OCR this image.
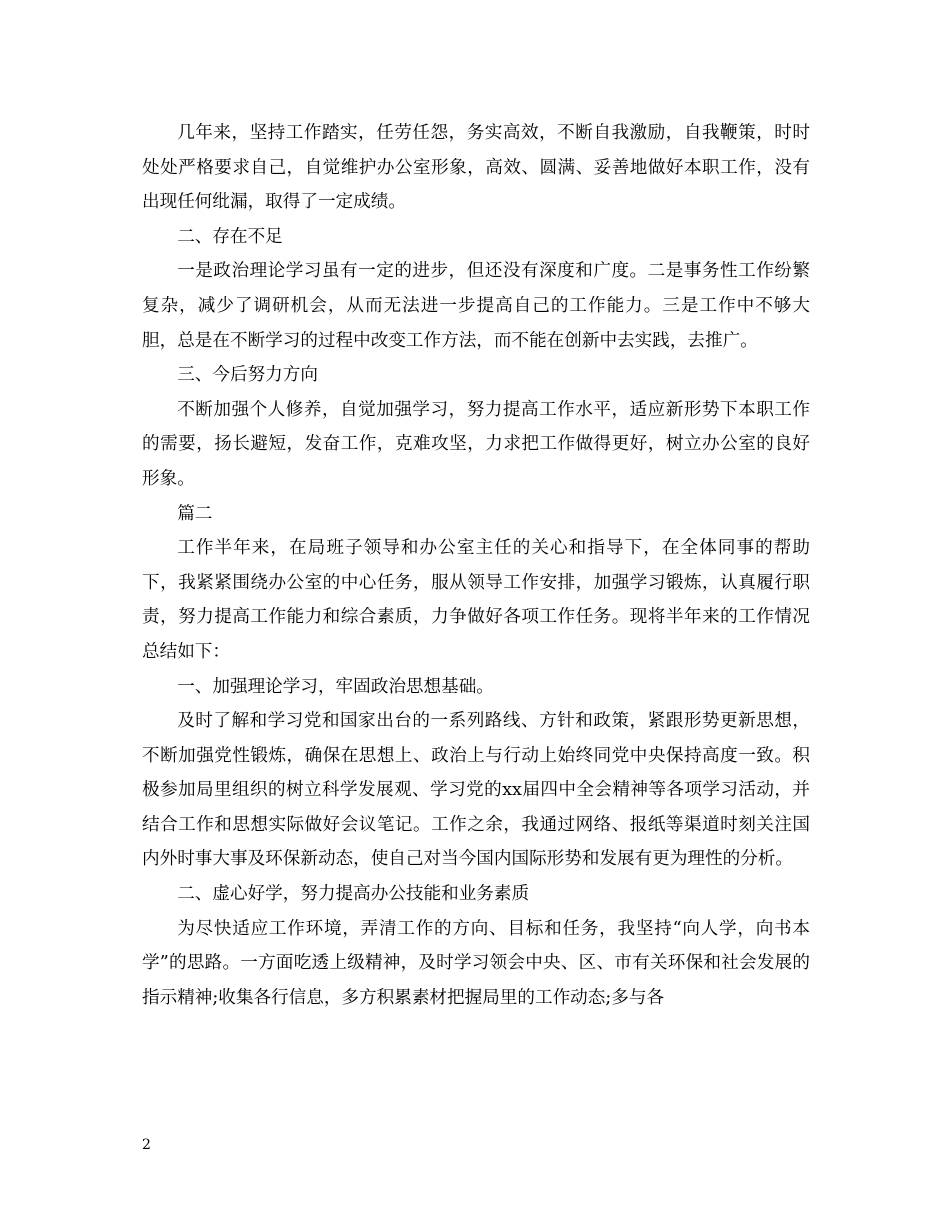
几年来，坚持工作踏实，任劳任怨，务实高效，不断自我激励，自我鞭策，时时处处严格要求自己，自觉维护办公室形象，高效、圆满、妥善地做好本职工作，没有出现任何纰漏，取得了一定成绩。

二、存在不足

一是政治理论学习虽有一定的进步，但还没有深度和广度。二是事务性工作纷繁复杂，减少了调研机会，从而无法进一步提高自己的工作能力。三是工作中不够大胆，总是在不断学习的过程中改变工作方法，而不能在创新中去实践，去推广。

三、今后努力方向

不断加强个人修养，自觉加强学习，努力提高工作水平，适应新形势下本职工作的需要，扬长避短，发奋工作，克难攻坚，力求把工作做得更好，树立办公室的良好形象。

篇二

工作半年来，在局班子领导和办公室主任的关心和指导下，在全体同事的帮助下，我紧紧围绕办公室的中心任务，服从领导工作安排，加强学习锻炼，认真履行职责，努力提高工作能力和综合素质，力争做好各项工作任务。现将半年来的工作情况总结如下：

一、加强理论学习，牢固政治思想基础。

及时了解和学习党和国家出台的一系列路线、方针和政策，紧跟形势更新思想，不断加强党性锻炼，确保在思想上、政治上与行动上始终同党中央保持高度一致。积极参加局里组织的树立科学发展观、学习党的xx届四中全会精神等各项学习活动，并结合工作和思想实际做好会议笔记。工作之余，我通过网络、报纸等渠道时刻关注国内外时事大事及环保新动态，使自己对当今国内国际形势和发展有更为理性的分析。

二、虚心好学，努力提高办公技能和业务素质

为尽快适应工作环境，弄清工作的方向、目标和任务，我坚持“向人学，向书本学”的思路。一方面吃透上级精神，及时学习领会中央、区、市有关环保和社会发展的指示精神;收集各行信息，多方积累素材把握局里的工作动态;多与各

2
